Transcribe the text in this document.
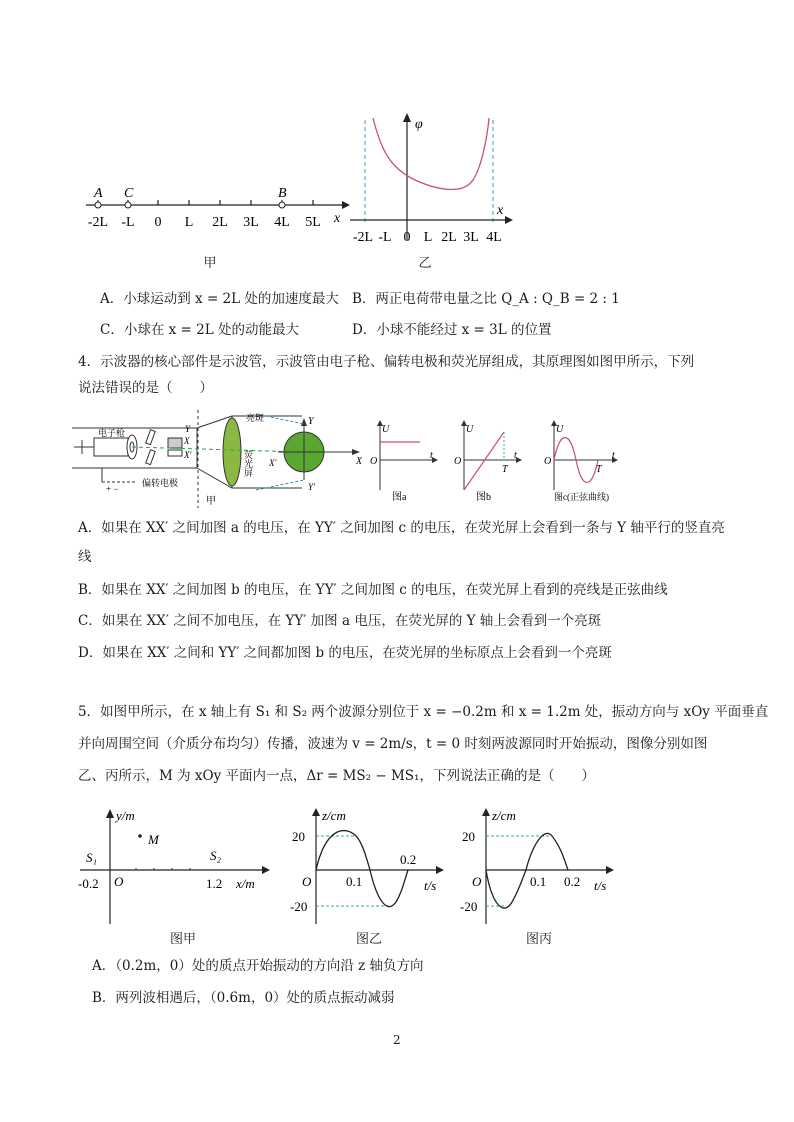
A C	B
-2L -L 0 L 2L 3L 4L 5L x
甲
φ
x
-2L -L 0 L 2L 3L 4L
乙
A．小球运动到 x = 2L 处的加速度最大 B．两正电荷带电量之比 Q_A : Q_B = 2 : 1
C．小球在 x = 2L 处的动能最大	D．小球不能经过 x = 3L 的位置
4．示波器的核心部件是示波管，示波管由电子枪、偏转电极和荧光屏组成，其原理图如图甲所示，下列
说法错误的是（　　）
+ −
X
X'
Y
Y
X
X'
Y'
电子枪
偏转电极
亮斑
荧光屏
甲
U
O
t
图a
U
O
t
T
图b
U
O
t
T
图c(正弦曲线)
A．如果在 XX′ 之间加图 a 的电压，在 YY′ 之间加图 c 的电压，在荧光屏上会看到一条与 Y 轴平行的竖直亮
线
B．如果在 XX′ 之间加图 b 的电压，在 YY′ 之间加图 c 的电压，在荧光屏上看到的亮线是正弦曲线
C．如果在 XX′ 之间不加电压，在 YY′ 加图 a 电压，在荧光屏的 Y 轴上会看到一个亮斑
D．如果在 XX′ 之间和 YY′ 之间都加图 b 的电压，在荧光屏的坐标原点上会看到一个亮斑
5．如图甲所示，在 x 轴上有 S₁ 和 S₂ 两个波源分别位于 x = −0.2m 和 x = 1.2m 处，振动方向与 xOy 平面垂直
并向周围空间（介质分布均匀）传播，波速为 v = 2m/s，t = 0 时刻两波源同时开始振动，图像分别如图
乙、丙所示，M 为 xOy 平面内一点，Δr = MS₂ − MS₁，下列说法正确的是（　　）
y/m
M
S₁	S₂
O
-0.2	1.2 x/m
图甲
z/cm
20
-20
O	0.1
0.2
t/s
图乙
z/cm
20
-20
O	0.1 0.2 t/s
图丙
A．（0.2m，0）处的质点开始振动的方向沿 z 轴负方向
B．两列波相遇后，（0.6m，0）处的质点振动减弱
2
